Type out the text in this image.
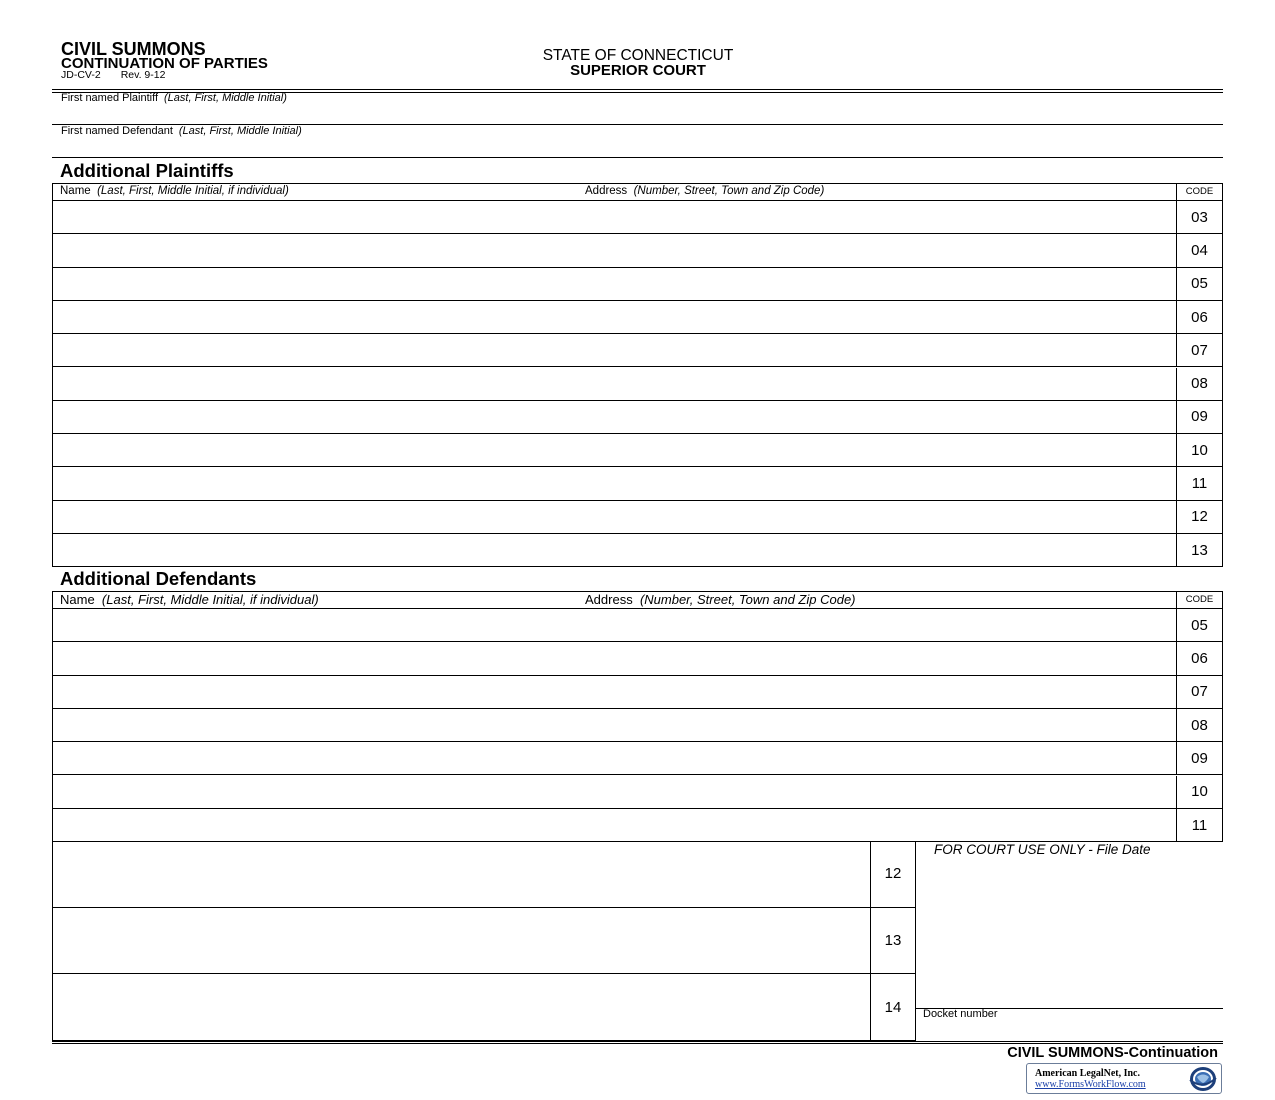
CIVIL SUMMONS
CONTINUATION OF PARTIES
JD-CV-2 Rev. 9-12
STATE OF CONNECTICUT
SUPERIOR COURT
First named Plaintiff (Last, First, Middle Initial)
First named Defendant (Last, First, Middle Initial)
Additional Plaintiffs
Name (Last, First, Middle Initial, if individual)	Address (Number, Street, Town and Zip Code)	CODE
03
04
05
06
07
08
09
10
11
12
13
Additional Defendants
Name (Last, First, Middle Initial, if individual)	Address (Number, Street, Town and Zip Code)	CODE
05
06
07
08
09
10
11
12
13
14
FOR COURT USE ONLY - File Date
Docket number
CIVIL SUMMONS-Continuation
American LegalNet, Inc.
www.FormsWorkFlow.com
